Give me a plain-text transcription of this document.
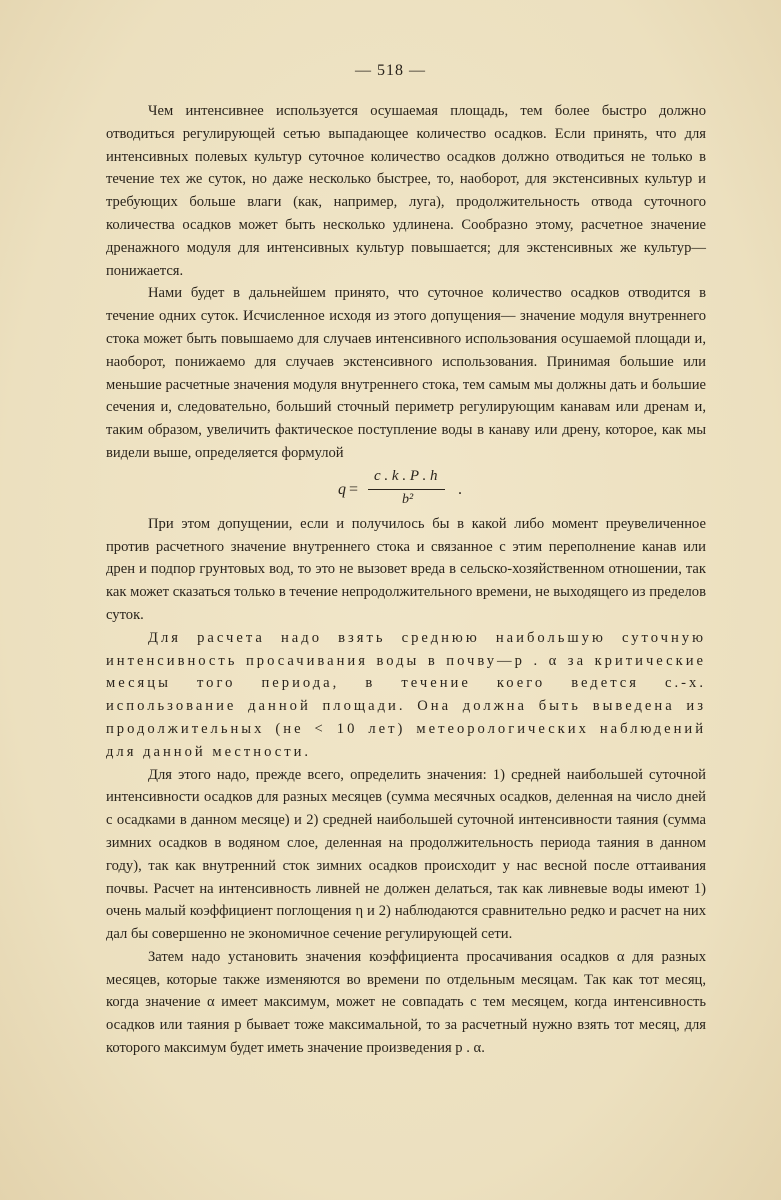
— 518 —

Чем интенсивнее используется осушаемая площадь, тем более быстро должно отводиться регулирующей сетью выпадающее количество осадков. Если принять, что для интенсивных полевых культур суточное количество осадков должно отводиться не только в течение тех же суток, но даже несколько быстрее, то, наоборот, для экстенсивных культур и требующих больше влаги (как, например, луга), продолжительность отвода суточного количества осадков может быть несколько удлинена. Сообразно этому, расчетное значение дренажного модуля для интенсивных культур повышается; для экстенсивных же культур—понижается.

Нами будет в дальнейшем принято, что суточное количество осадков отводится в течение одних суток. Исчисленное исходя из этого допущения— значение модуля внутреннего стока может быть повышаемо для случаев интенсивного использования осушаемой площади и, наоборот, понижаемо для случаев экстенсивного использования. Принимая большие или меньшие расчетные значения модуля внутреннего стока, тем самым мы должны дать и большие сечения и, следовательно, больший сточный периметр регулирующим канавам или дренам и, таким образом, увеличить фактическое поступление воды в канаву или дрену, которое, как мы видели выше, определяется формулой

q =
c . k . P . h
b²
.

При этом допущении, если и получилось бы в какой либо момент преувеличенное против расчетного значение внутреннего стока и связанное с этим переполнение канав или дрен и подпор грунтовых вод, то это не вызовет вреда в сельско-хозяйственном отношении, так как может сказаться только в течение непродолжительного времени, не выходящего из пределов суток.

Для расчета надо взять среднюю наибольшую суточную интенсивность просачивания воды в почву—p . α за критические месяцы того периода, в течение коего ведется с.-х. использование данной площади. Она должна быть выведена из продолжительных (не < 10 лет) метеорологических наблюдений для данной местности.

Для этого надо, прежде всего, определить значения: 1) средней наибольшей суточной интенсивности осадков для разных месяцев (сумма месячных осадков, деленная на число дней с осадками в данном месяце) и 2) средней наибольшей суточной интенсивности таяния (сумма зимних осадков в водяном слое, деленная на продолжительность периода таяния в данном году), так как внутренний сток зимних осадков происходит у нас весной после оттаивания почвы. Расчет на интенсивность ливней не должен делаться, так как ливневые воды имеют 1) очень малый коэффициент поглощения η и 2) наблюдаются сравнительно редко и расчет на них дал бы совершенно не экономичное сечение регулирующей сети.

Затем надо установить значения коэффициента просачивания осадков α для разных месяцев, которые также изменяются во времени по отдельным месяцам. Так как тот месяц, когда значение α имеет максимум, может не совпадать с тем месяцем, когда интенсивность осадков или таяния p бывает тоже максимальной, то за расчетный нужно взять тот месяц, для которого максимум будет иметь значение произведения p . α.
